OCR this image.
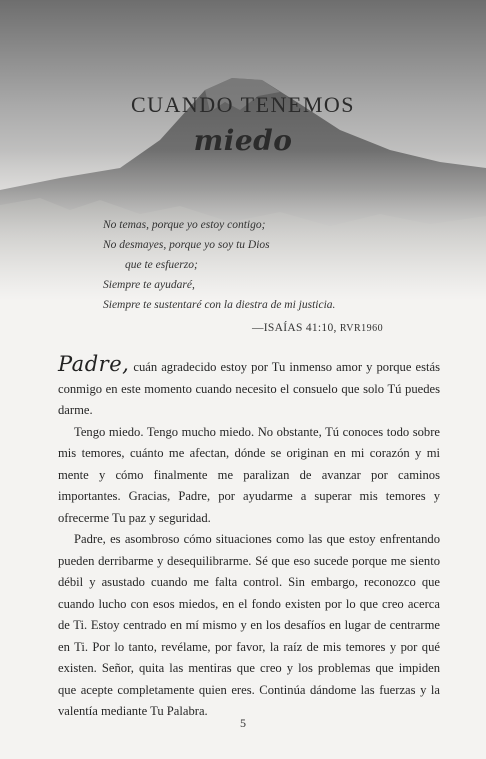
CUANDO TENEMOS
miedo
No temas, porque yo estoy contigo;
No desmayes, porque yo soy tu Dios
que te esfuerzo;
Siempre te ayudaré,
Siempre te sustentaré con la diestra de mi justicia.
—ISAÍAS 41:10, RVR1960

Padre, cuán agradecido estoy por Tu inmenso amor y porque estás conmigo en este momento cuando necesito el consuelo que solo Tú puedes darme.

Tengo miedo. Tengo mucho miedo. No obstante, Tú conoces todo sobre mis temores, cuánto me afectan, dónde se originan en mi corazón y mi mente y cómo finalmente me paralizan de avanzar por caminos importantes. Gracias, Padre, por ayudarme a superar mis temores y ofrecerme Tu paz y seguridad.

Padre, es asombroso cómo situaciones como las que estoy enfrentando pueden derribarme y desequilibrarme. Sé que eso sucede porque me siento débil y asustado cuando me falta control. Sin embargo, reconozco que cuando lucho con esos miedos, en el fondo existen por lo que creo acerca de Ti. Estoy centrado en mí mismo y en los desafíos en lugar de centrarme en Ti. Por lo tanto, revélame, por favor, la raíz de mis temores y por qué existen. Señor, quita las mentiras que creo y los problemas que impiden que acepte completamente quien eres. Continúa dándome las fuerzas y la valentía mediante Tu Palabra.

5
